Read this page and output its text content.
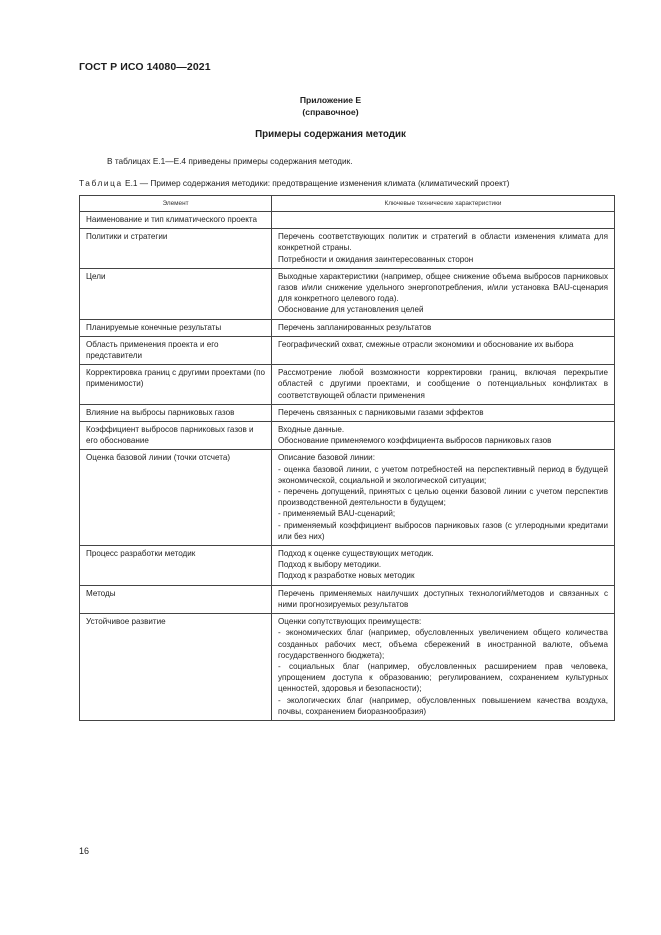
ГОСТ Р ИСО 14080—2021
Приложение Е
(справочное)
Примеры содержания методик
В таблицах Е.1—Е.4 приведены примеры содержания методик.
Таблица Е.1 — Пример содержания методики: предотвращение изменения климата (климатический проект)
Элемент	Ключевые технические характеристики
Наименование и тип климатического проекта	
Политики и стратегии	Перечень соответствующих политик и стратегий в области изменения климата для конкретной страны.
Потребности и ожидания заинтересованных сторон

Цели	Выходные характеристики (например, общее снижение объема выбросов парниковых газов и/или снижение удельного энергопотребления, и/или установка BAU-сценария для конкретного целевого года).
Обоснование для установления целей

Планируемые конечные результаты	Перечень запланированных результатов

Область применения проекта и его представители	Географический охват, смежные отрасли экономики и обоснование их выбора

Корректировка границ с другими проектами (по применимости)	Рассмотрение любой возможности корректировки границ, включая перекрытие областей с другими проектами, и сообщение о потенциальных конфликтах в соответствующей области применения

Влияние на выбросы парниковых газов	Перечень связанных с парниковыми газами эффектов

Коэффициент выбросов парниковых газов и его обоснование	Входные данные.
Обоснование применяемого коэффициента выбросов парниковых газов

Оценка базовой линии (точки отсчета)	Описание базовой линии:
- оценка базовой линии, с учетом потребностей на перспективный период в будущей экономической, социальной и экологической ситуации;
- перечень допущений, принятых с целью оценки базовой линии с учетом перспектив производственной деятельности в будущем;
- применяемый BAU-сценарий;
- применяемый коэффициент выбросов парниковых газов (с углеродными кредитами или без них)

Процесс разработки методик	Подход к оценке существующих методик.
Подход к выбору методики.
Подход к разработке новых методик

Методы	Перечень применяемых наилучших доступных технологий/методов и связанных с ними прогнозируемых результатов

Устойчивое развитие	Оценки сопутствующих преимуществ:
- экономических благ (например, обусловленных увеличением общего количества созданных рабочих мест, объема сбережений в иностранной валюте, объема государственного бюджета);
- социальных благ (например, обусловленных расширением прав человека, упрощением доступа к образованию; регулированием, сохранением культурных ценностей, здоровья и безопасности);
- экологических благ (например, обусловленных повышением качества воздуха, почвы, сохранением биоразнообразия)
16
